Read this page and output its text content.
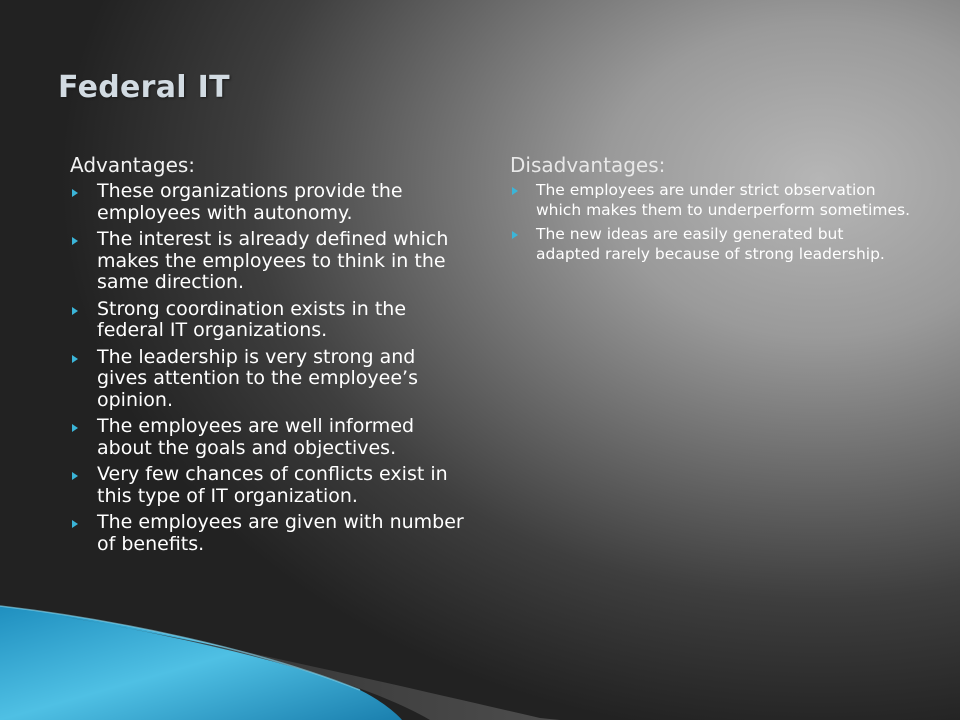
Federal IT
Advantages:
These organizations provide the employees with autonomy.
The interest is already defined which makes the employees to think in the same direction.
Strong coordination exists in the federal IT organizations.
The leadership is very strong and gives attention to the employee’s opinion.
The employees are well informed about the goals and objectives.
Very few chances of conflicts exist in this type of IT organization.
The employees are given with number of benefits.
Disadvantages:
The employees are under strict observation which makes them to underperform sometimes.
The new ideas are easily generated but adapted rarely because of strong leadership.
